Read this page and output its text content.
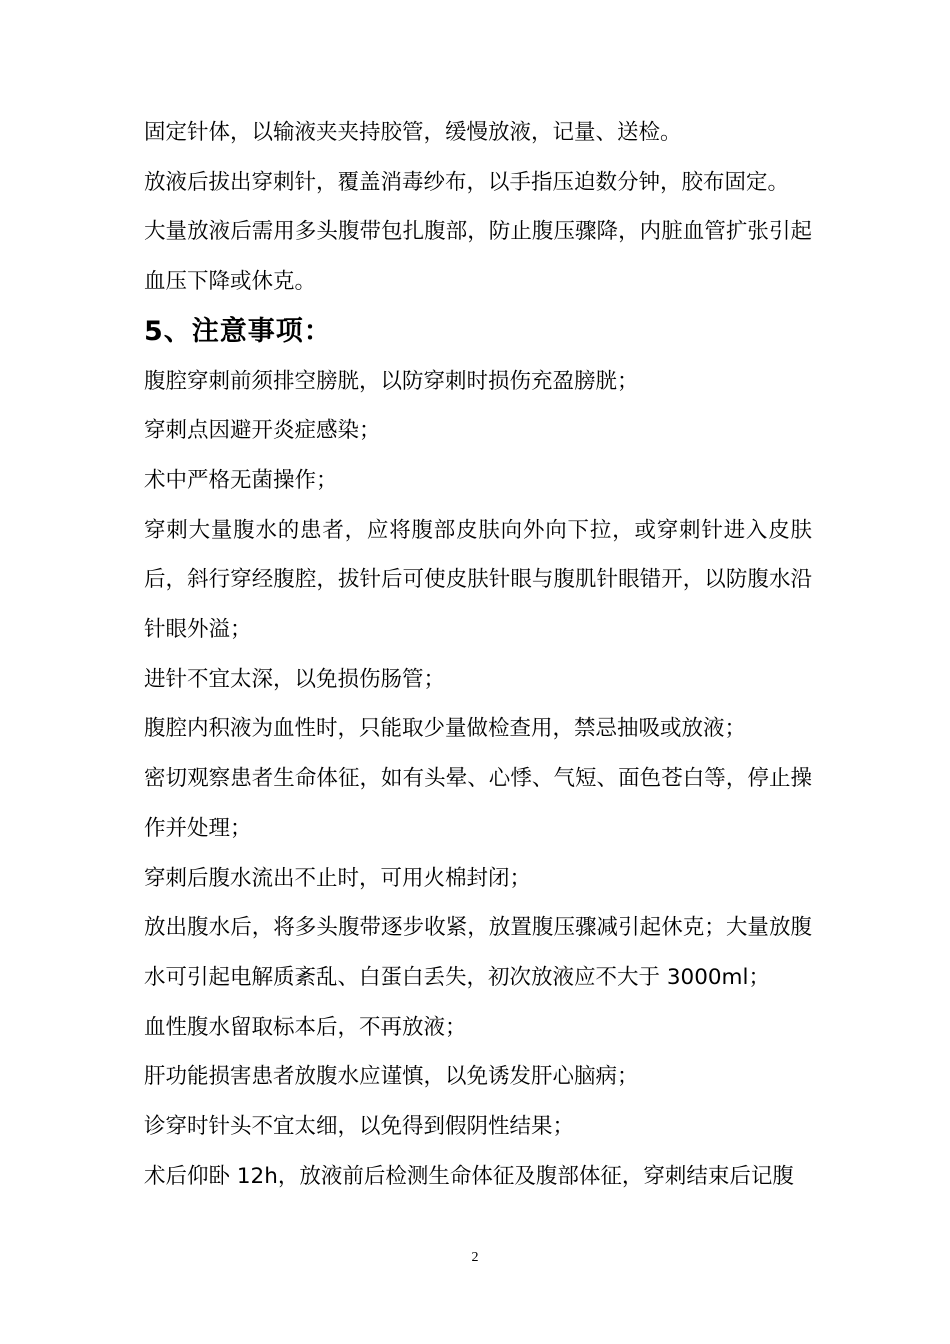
固定针体，以输液夹夹持胶管，缓慢放液，记量、送检。

放液后拔出穿刺针，覆盖消毒纱布，以手指压迫数分钟，胶布固定。

大量放液后需用多头腹带包扎腹部，防止腹压骤降，内脏血管扩张引起血压下降或休克。

5、注意事项：

腹腔穿刺前须排空膀胱，以防穿刺时损伤充盈膀胱；

穿刺点因避开炎症感染；

术中严格无菌操作；

穿刺大量腹水的患者，应将腹部皮肤向外向下拉，或穿刺针进入皮肤后，斜行穿经腹腔，拔针后可使皮肤针眼与腹肌针眼错开，以防腹水沿针眼外溢；

进针不宜太深，以免损伤肠管；

腹腔内积液为血性时，只能取少量做检查用，禁忌抽吸或放液；

密切观察患者生命体征，如有头晕、心悸、气短、面色苍白等，停止操作并处理；

穿刺后腹水流出不止时，可用火棉封闭；

放出腹水后，将多头腹带逐步收紧，放置腹压骤减引起休克；大量放腹水可引起电解质紊乱、白蛋白丢失，初次放液应不大于 3000ml；

血性腹水留取标本后，不再放液；

肝功能损害患者放腹水应谨慎，以免诱发肝心脑病；

诊穿时针头不宜太细，以免得到假阴性结果；

术后仰卧 12h，放液前后检测生命体征及腹部体征，穿刺结束后记腹

2
